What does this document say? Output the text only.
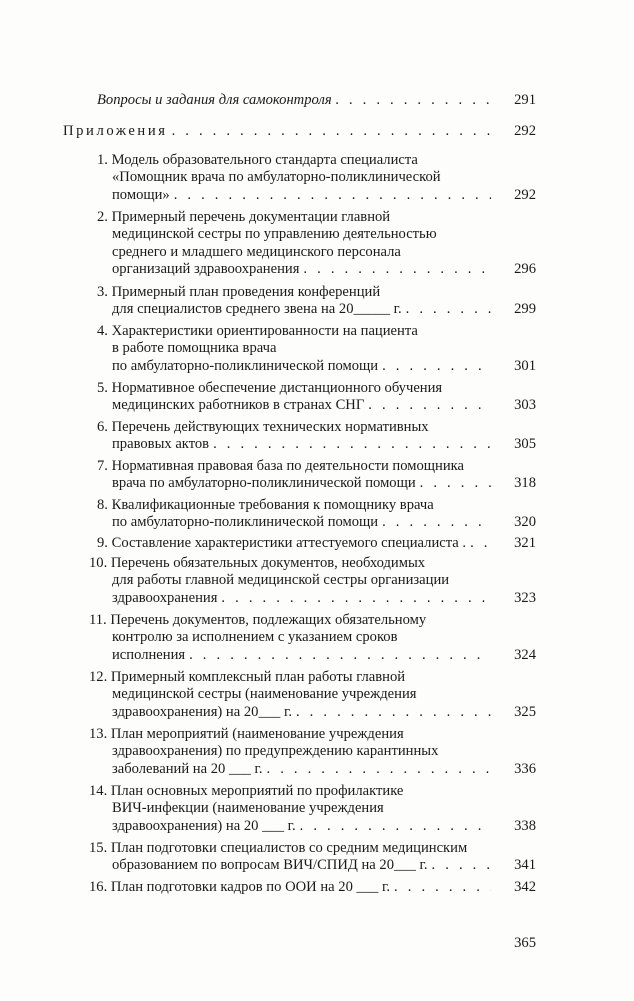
Вопросы и задания для самоконтроля . . .	291
Приложения . . .	292
1. Модель образовательного стандарта специалиста
«Помощник врача по амбулаторно-поликлинической
помощи» . . .	292
2. Примерный перечень документации главной
медицинской сестры по управлению деятельностью
среднего и младшего медицинского персонала
организаций здравоохранения . . .	296
3. Примерный план проведения конференций
для специалистов среднего звена на 20_____ г. . . .	299
4. Характеристики ориентированности на пациента
в работе помощника врача
по амбулаторно-поликлинической помощи . . .	301
5. Нормативное обеспечение дистанционного обучения
медицинских работников в странах СНГ . . .	303
6. Перечень действующих технических нормативных
правовых актов . . .	305
7. Нормативная правовая база по деятельности помощника
врача по амбулаторно-поликлинической помощи . . .	318
8. Квалификационные требования к помощнику врача
по амбулаторно-поликлинической помощи . . .	320
9. Составление характеристики аттестуемого специалиста . . . .	321
10. Перечень обязательных документов, необходимых
для работы главной медицинской сестры организации
здравоохранения . . .	323
11. Перечень документов, подлежащих обязательному
контролю за исполнением с указанием сроков
исполнения . . .	324
12. Примерный комплексный план работы главной
медицинской сестры (наименование учреждения
здравоохранения) на 20___ г. . . .	325
13. План мероприятий (наименование учреждения
здравоохранения) по предупреждению карантинных
заболеваний на 20 ___ г. . . .	336
14. План основных мероприятий по профилактике
ВИЧ-инфекции (наименование учреждения
здравоохранения) на 20 ___ г. . . .	338
15. План подготовки специалистов со средним медицинским
образованием по вопросам ВИЧ/СПИД на 20___ г. . . .	341
16. План подготовки кадров по ООИ на 20 ___ г. . . .	342
365
